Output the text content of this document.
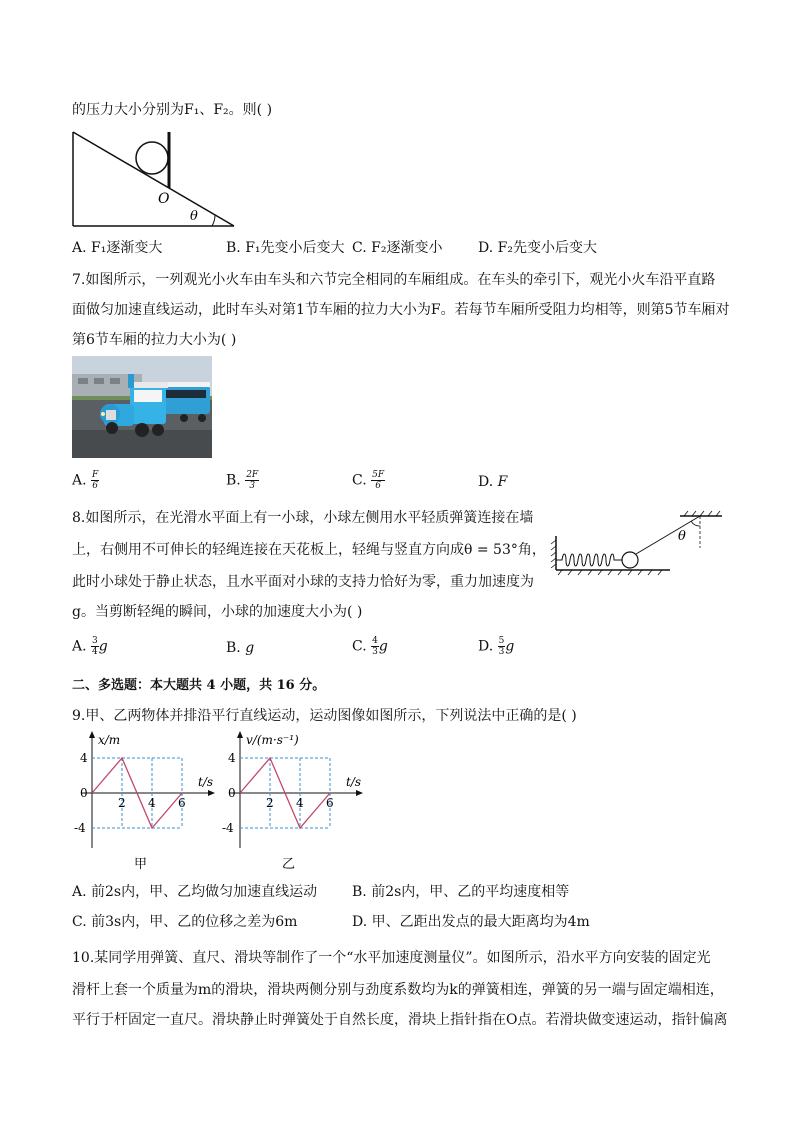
的压力大小分别为F₁、F₂。则( )
O
θ
A. F₁逐渐变大	B. F₁先变小后变大 C. F₂逐渐变小	D. F₂先变小后变大
7.如图所示，一列观光小火车由车头和六节完全相同的车厢组成。在车头的牵引下，观光小火车沿平直路
面做匀加速直线运动，此时车头对第1节车厢的拉力大小为F。若每节车厢所受阻力均相等，则第5节车厢对
第6节车厢的拉力大小为( )
A. $\frac{F}{6}$	B. $\frac{2F}{3}$	C. $\frac{5F}{6}$	D. F
8.如图所示，在光滑水平面上有一小球，小球左侧用水平轻质弹簧连接在墙
上，右侧用不可伸长的轻绳连接在天花板上，轻绳与竖直方向成θ = 53°角，
此时小球处于静止状态，且水平面对小球的支持力恰好为零，重力加速度为
g。当剪断轻绳的瞬间，小球的加速度大小为( )
θ
A. $\frac{3}{4}$ g	B. g	C. $\frac{4}{3}$ g	D. $\frac{5}{3}$ g
二、多选题：本大题共 4 小题，共 16 分。
9.甲、乙两物体并排沿平行直线运动，运动图像如图所示，下列说法中正确的是( )
x/m
t/s
4
0
-4
2 4 6
甲
v/(m·s⁻¹)
t/s
4
0
-4
2 4 6
乙
A. 前2s内，甲、乙均做匀加速直线运动 B. 前2s内，甲、乙的平均速度相等
C. 前3s内，甲、乙的位移之差为6m	D. 甲、乙距出发点的最大距离均为4m
10.某同学用弹簧、直尺、滑块等制作了一个“水平加速度测量仪”。如图所示，沿水平方向安装的固定光
滑杆上套一个质量为m的滑块，滑块两侧分别与劲度系数均为k的弹簧相连，弹簧的另一端与固定端相连，
平行于杆固定一直尺。滑块静止时弹簧处于自然长度，滑块上指针指在O点。若滑块做变速运动，指针偏离
